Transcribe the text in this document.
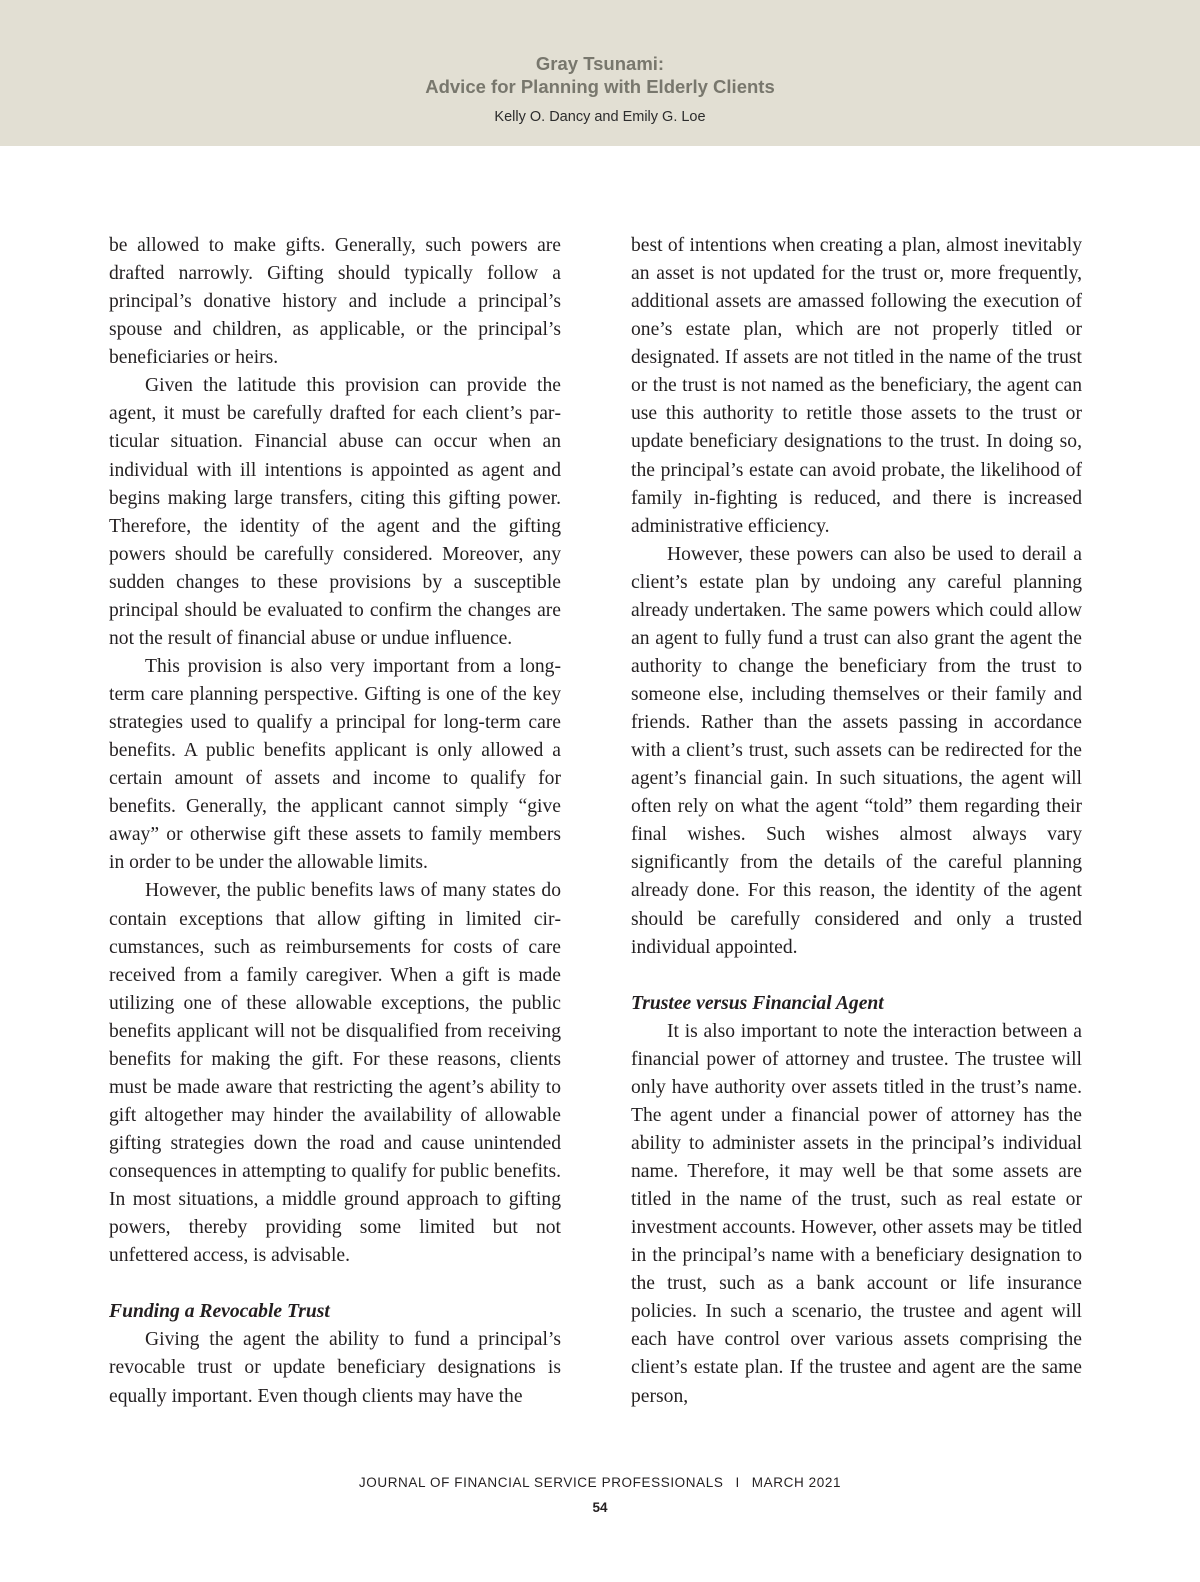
Gray Tsunami:
Advice for Planning with Elderly Clients
Kelly O. Dancy and Emily G. Loe

be allowed to make gifts. Generally, such powers are drafted narrowly. Gifting should typically follow a principal’s donative history and include a principal’s spouse and children, as applicable, or the principal’s beneficiaries or heirs.

Given the latitude this provision can provide the agent, it must be carefully drafted for each client’s particular situation. Financial abuse can occur when an individual with ill intentions is appointed as agent and begins making large transfers, citing this gifting power. Therefore, the identity of the agent and the gifting powers should be carefully considered. Moreover, any sudden changes to these provisions by a susceptible principal should be evaluated to confirm the changes are not the result of financial abuse or undue influence.

This provision is also very important from a long-term care planning perspective. Gifting is one of the key strategies used to qualify a principal for long-term care benefits. A public benefits applicant is only allowed a certain amount of assets and income to qualify for benefits. Generally, the applicant cannot simply “give away” or otherwise gift these assets to family members in order to be under the allowable limits.

However, the public benefits laws of many states do contain exceptions that allow gifting in limited circumstances, such as reimbursements for costs of care received from a family caregiver. When a gift is made utilizing one of these allowable exceptions, the public benefits applicant will not be disqualified from receiving benefits for making the gift. For these reasons, clients must be made aware that restricting the agent’s ability to gift altogether may hinder the availability of allowable gifting strategies down the road and cause unintended consequences in attempting to qualify for public benefits. In most situations, a middle ground approach to gifting powers, thereby providing some limited but not unfettered access, is advisable.

Funding a Revocable Trust

Giving the agent the ability to fund a principal’s revocable trust or update beneficiary designations is equally important. Even though clients may have the

best of intentions when creating a plan, almost inevitably an asset is not updated for the trust or, more frequently, additional assets are amassed following the execution of one’s estate plan, which are not properly titled or designated. If assets are not titled in the name of the trust or the trust is not named as the beneficiary, the agent can use this authority to retitle those assets to the trust or update beneficiary designations to the trust. In doing so, the principal’s estate can avoid probate, the likelihood of family in-fighting is reduced, and there is increased administrative efficiency.

However, these powers can also be used to derail a client’s estate plan by undoing any careful planning already undertaken. The same powers which could allow an agent to fully fund a trust can also grant the agent the authority to change the beneficiary from the trust to someone else, including themselves or their family and friends. Rather than the assets passing in accordance with a client’s trust, such assets can be redirected for the agent’s financial gain. In such situations, the agent will often rely on what the agent “told” them regarding their final wishes. Such wishes almost always vary significantly from the details of the careful planning already done. For this reason, the identity of the agent should be carefully considered and only a trusted individual appointed.

Trustee versus Financial Agent

It is also important to note the interaction between a financial power of attorney and trustee. The trustee will only have authority over assets titled in the trust’s name. The agent under a financial power of attorney has the ability to administer assets in the principal’s individual name. Therefore, it may well be that some assets are titled in the name of the trust, such as real estate or investment accounts. However, other assets may be titled in the principal’s name with a beneficiary designation to the trust, such as a bank account or life insurance policies. In such a scenario, the trustee and agent will each have control over various assets comprising the client’s estate plan. If the trustee and agent are the same person,

JOURNAL OF FINANCIAL SERVICE PROFESSIONALS I MARCH 2021
54
